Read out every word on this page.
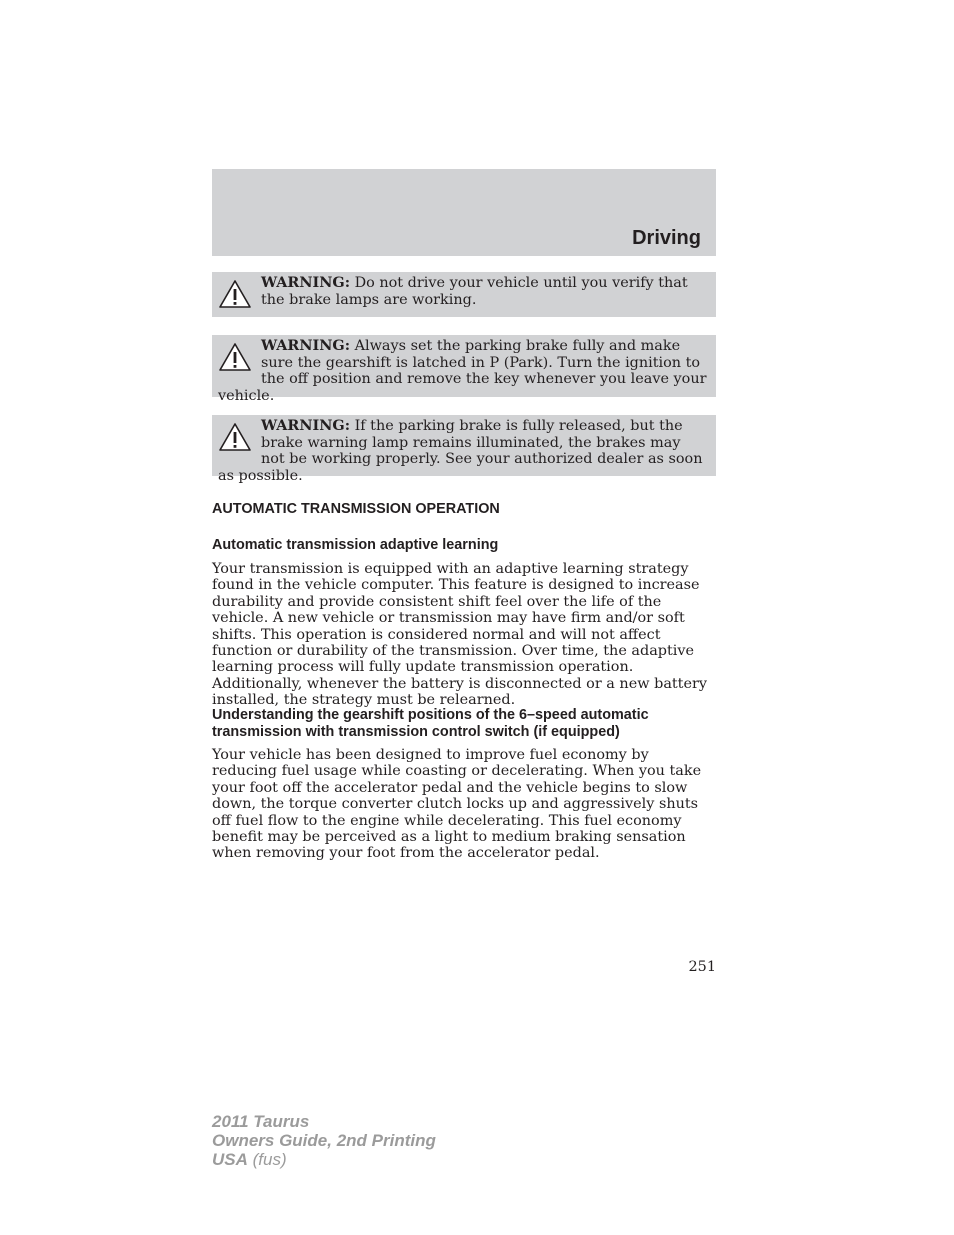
Driving
WARNING: Do not drive your vehicle until you verify that the brake lamps are working.
WARNING: Always set the parking brake fully and make sure the gearshift is latched in P (Park). Turn the ignition to the off position and remove the key whenever you leave your vehicle.
WARNING: If the parking brake is fully released, but the brake warning lamp remains illuminated, the brakes may not be working properly. See your authorized dealer as soon as possible.
AUTOMATIC TRANSMISSION OPERATION
Automatic transmission adaptive learning
Your transmission is equipped with an adaptive learning strategy found in the vehicle computer. This feature is designed to increase durability and provide consistent shift feel over the life of the vehicle. A new vehicle or transmission may have firm and/or soft shifts. This operation is considered normal and will not affect function or durability of the transmission. Over time, the adaptive learning process will fully update transmission operation. Additionally, whenever the battery is disconnected or a new battery installed, the strategy must be relearned.
Understanding the gearshift positions of the 6–speed automatic transmission with transmission control switch (if equipped)
Your vehicle has been designed to improve fuel economy by reducing fuel usage while coasting or decelerating. When you take your foot off the accelerator pedal and the vehicle begins to slow down, the torque converter clutch locks up and aggressively shuts off fuel flow to the engine while decelerating. This fuel economy benefit may be perceived as a light to medium braking sensation when removing your foot from the accelerator pedal.
251
2011 Taurus
Owners Guide, 2nd Printing
USA (fus)
